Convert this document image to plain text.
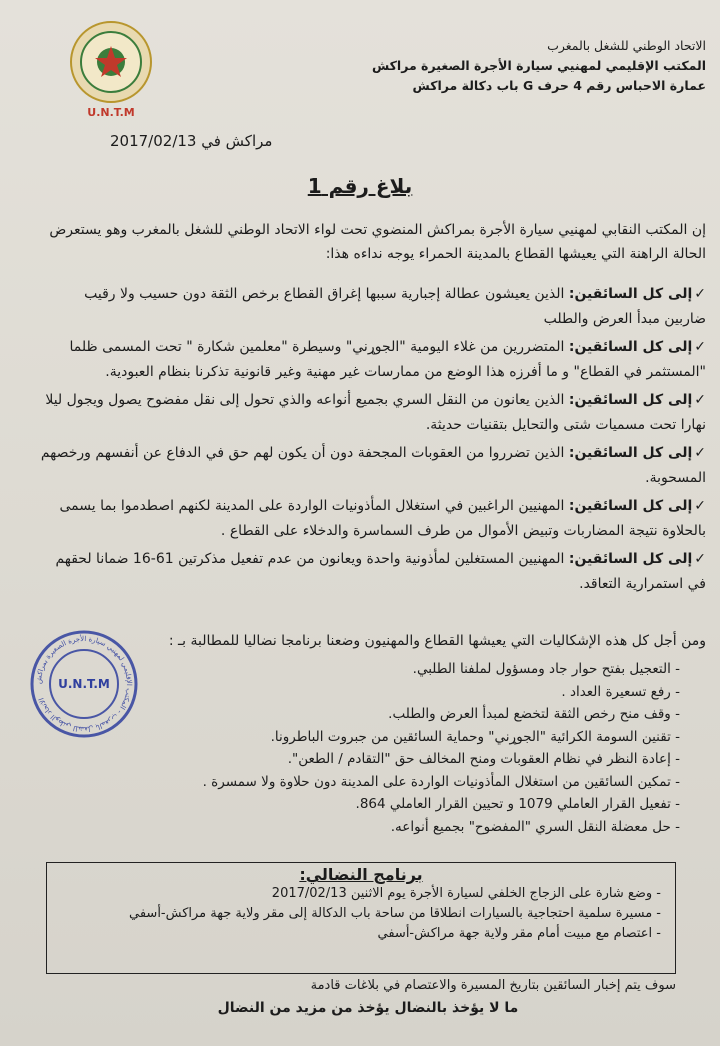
U.N.T.M
الاتحاد الوطني للشغل بالمغرب
المكتب الإقليمي لمهنيي سيارة الأجرة الصغيرة مراكش
عمارة الاحباس رقم 4 حرف G باب دكالة مراكش
مراكش في 2017/02/13
بلاغ رقم 1
إن المكتب النقابي لمهنيي سيارة الأجرة بمراكش المنضوي تحت لواء الاتحاد الوطني للشغل بالمغرب وهو يستعرض الحالة الراهنة التي يعيشها القطاع بالمدينة الحمراء يوجه نداءه هذا:
✓إلى كل السائقين: الذين يعيشون عطالة إجبارية سببها إغراق القطاع برخص الثقة دون حسيب ولا رقيب ضاربين مبدأ العرض والطلب
✓إلى كل السائقين: المتضررين من غلاء اليومية "الجوړني" وسيطرة "معلمين شكارة " تحت المسمى ظلما "المستثمر في القطاع" و ما أفرزه هذا الوضع من ممارسات غير مهنية وغير قانونية تذكرنا بنظام العبودية.
✓إلى كل السائقين: الذين يعانون من النقل السري بجميع أنواعه والذي تحول إلى نقل مفضوح يصول ويجول ليلا نهارا تحت مسميات شتى والتحايل بتقنيات حديثة.
✓إلى كل السائقين: الذين تضرروا من العقوبات المجحفة دون أن يكون لهم حق في الدفاع عن أنفسهم ورخصهم المسحوبة.
✓إلى كل السائقين: المهنيين الراغبين في استغلال المأذونيات الواردة على المدينة لكنهم اصطدموا بما يسمى بالحلاوة نتيجة المضاربات وتبيض الأموال من طرف السماسرة والدخلاء على القطاع .
✓إلى كل السائقين: المهنيين المستغلين لمأذونية واحدة ويعانون من عدم تفعيل مذكرتين 61-16 ضمانا لحقهم في استمرارية التعاقد.
ومن أجل كل هذه الإشكاليات التي يعيشها القطاع والمهنيون وضعنا برنامجا نضاليا للمطالبة بـ :
- التعجيل بفتح حوار جاد ومسؤول لملفنا الطلبي.
- رفع تسعيرة العداد .
- وقف منح رخص الثقة لتخضع لمبدأ العرض والطلب.
- تقنين السومة الكرائية "الجوړني" وحماية السائقين من جبروت الباطرونا.
- إعادة النظر في نظام العقوبات ومنح المخالف حق "التقادم / الطعن".
- تمكين السائقين من استغلال المأذونيات الواردة على المدينة دون حلاوة ولا سمسرة .
- تفعيل القرار العاملي 1079 و تحيين القرار العاملي 864.
- حل معضلة النقل السري "المفضوح" بجميع أنواعه.
الاتحاد الوطني للشغل بالمغرب - المكتب الإقليمي لمهنيي سيارة الأجرة الصغيرة بمراكش
U.N.T.M
برنامج النضالي:
- وضع شارة على الزجاج الخلفي لسيارة الأجرة يوم الاثنين 2017/02/13
- مسيرة سلمية احتجاجية بالسيارات انطلاقا من ساحة باب الدكالة إلى مقر ولاية جهة مراكش-أسفي
- اعتصام مع مبيت أمام مقر ولاية جهة مراكش-أسفي
سوف يتم إخبار السائقين بتاريخ المسيرة والاعتصام في بلاغات قادمة
ما لا يؤخذ بالنضال يؤخذ من مزيد من النضال
